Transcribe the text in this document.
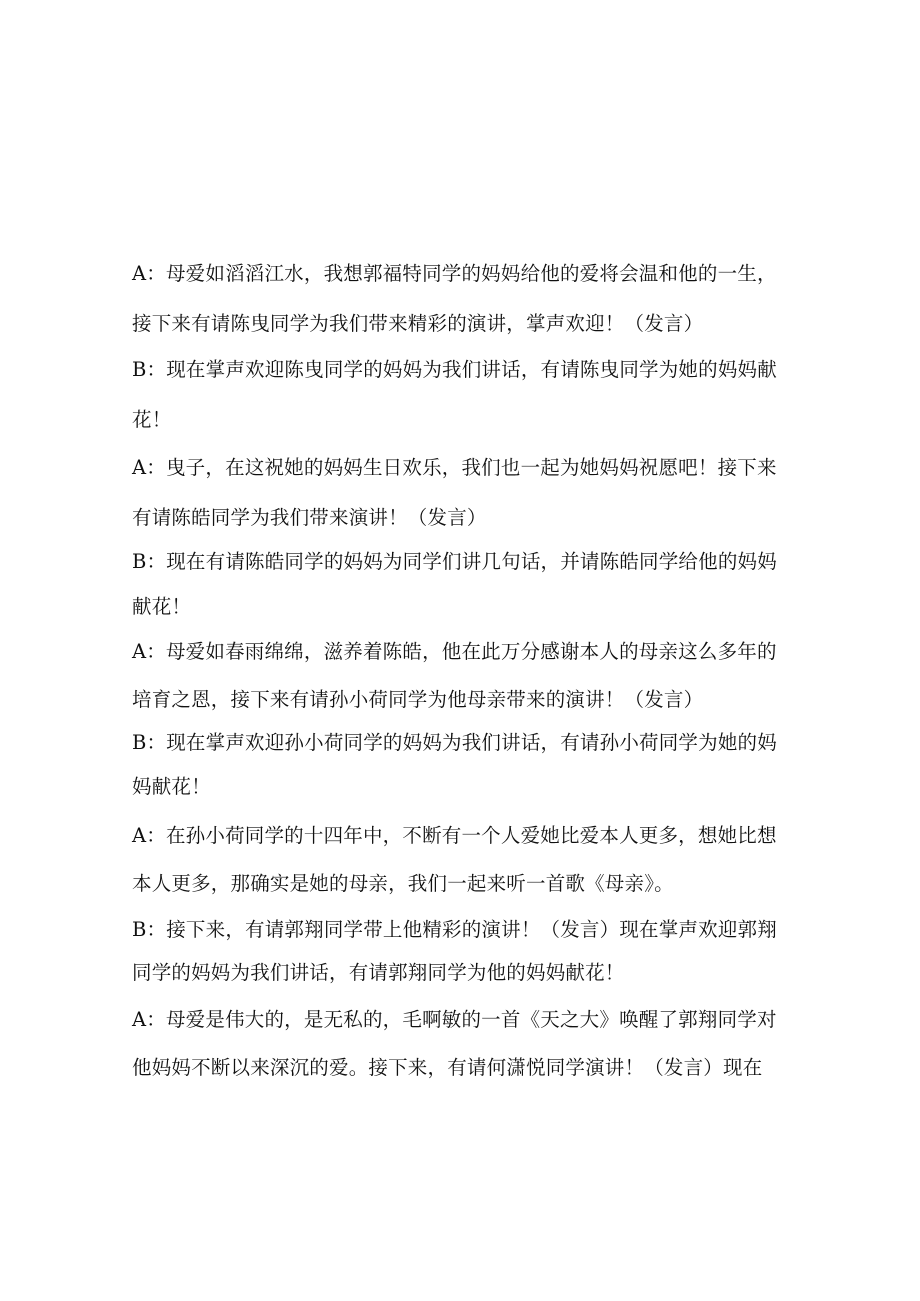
A：母爱如滔滔江水，我想郭福特同学的妈妈给他的爱将会温和他的一生，
接下来有请陈曳同学为我们带来精彩的演讲，掌声欢迎！（发言）
B：现在掌声欢迎陈曳同学的妈妈为我们讲话，有请陈曳同学为她的妈妈献
花！
A：曳子，在这祝她的妈妈生日欢乐，我们也一起为她妈妈祝愿吧！接下来
有请陈皓同学为我们带来演讲！（发言）
B：现在有请陈皓同学的妈妈为同学们讲几句话，并请陈皓同学给他的妈妈
献花！
A：母爱如春雨绵绵，滋养着陈皓，他在此万分感谢本人的母亲这么多年的
培育之恩，接下来有请孙小荷同学为他母亲带来的演讲！（发言）
B：现在掌声欢迎孙小荷同学的妈妈为我们讲话，有请孙小荷同学为她的妈
妈献花！
A：在孙小荷同学的十四年中，不断有一个人爱她比爱本人更多，想她比想
本人更多，那确实是她的母亲，我们一起来听一首歌《母亲》。
B：接下来，有请郭翔同学带上他精彩的演讲！（发言）现在掌声欢迎郭翔
同学的妈妈为我们讲话，有请郭翔同学为他的妈妈献花！
A：母爱是伟大的，是无私的，毛啊敏的一首《天之大》唤醒了郭翔同学对
他妈妈不断以来深沉的爱。接下来，有请何潇悦同学演讲！（发言）现在
